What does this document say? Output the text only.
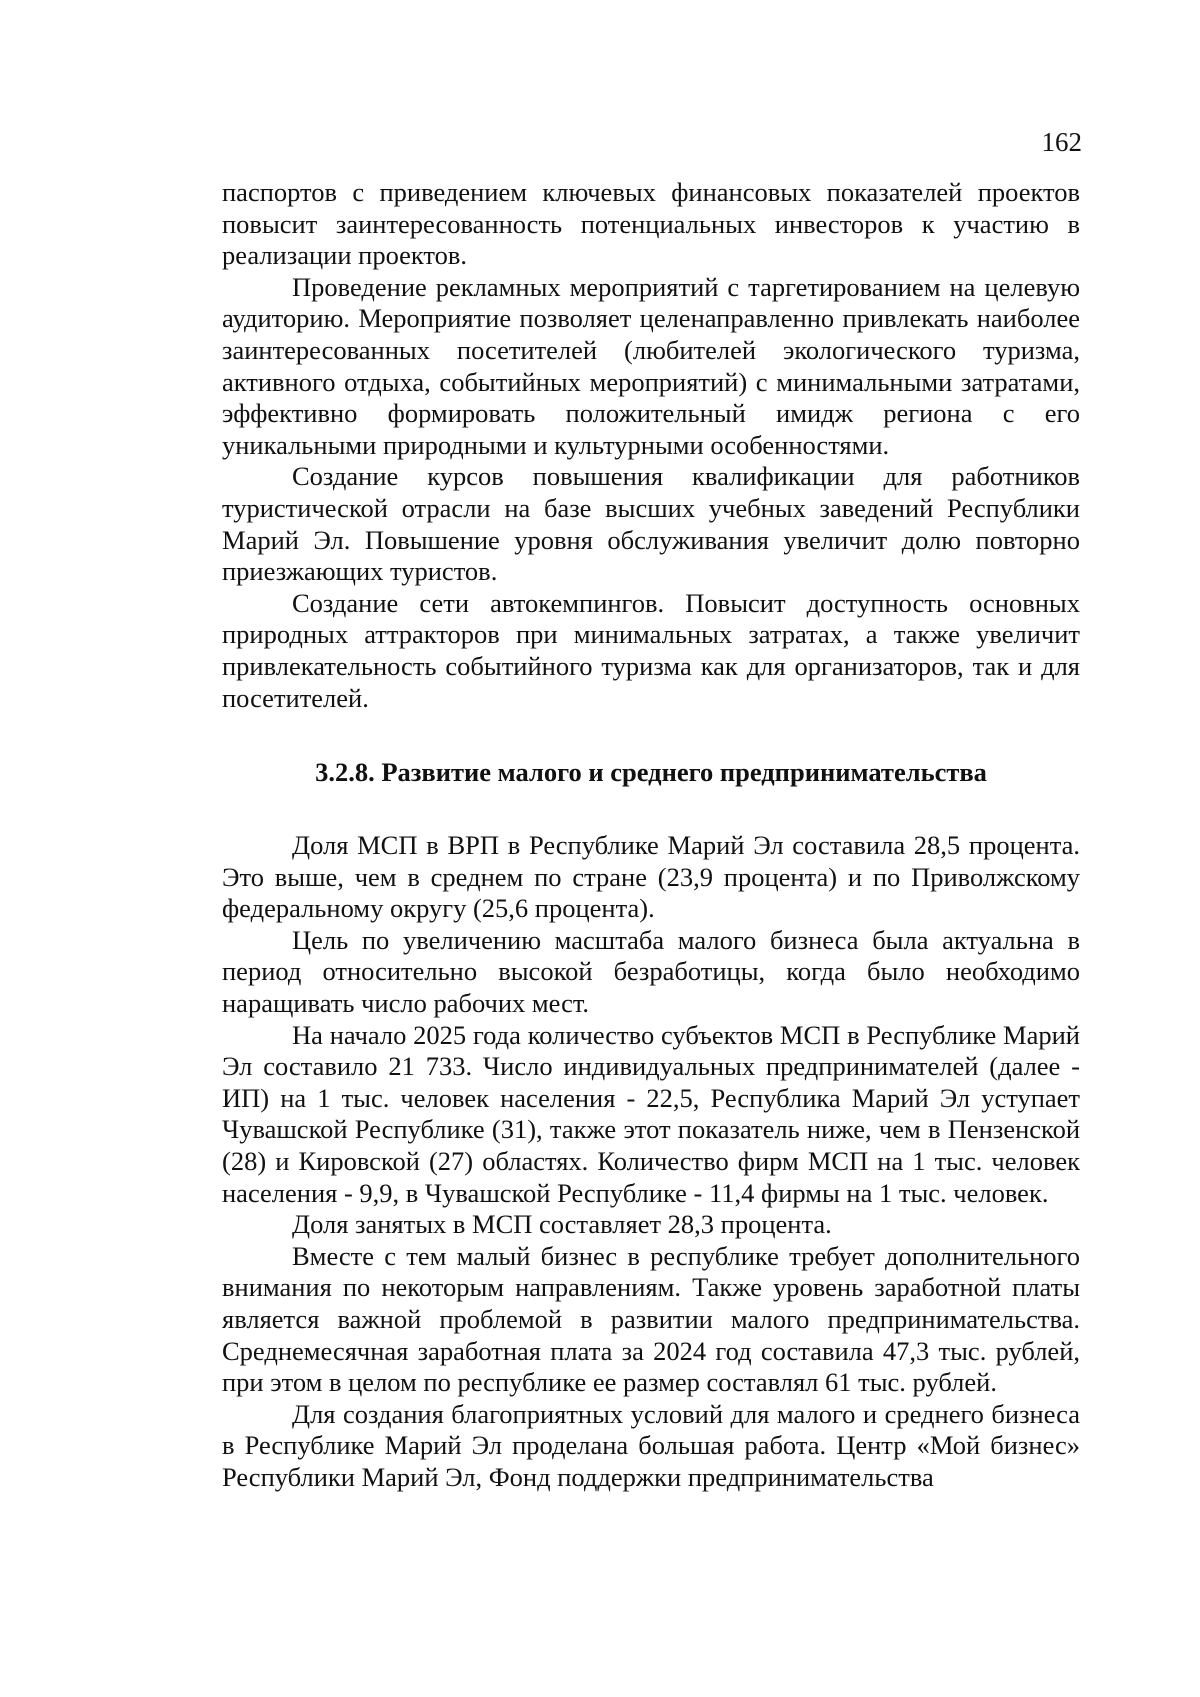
162

паспортов с приведением ключевых финансовых показателей проектов повысит заинтересованность потенциальных инвесторов к участию в реализации проектов.

Проведение рекламных мероприятий с таргетированием на целевую аудиторию. Мероприятие позволяет целенаправленно привлекать наиболее заинтересованных посетителей (любителей экологического туризма, активного отдыха, событийных мероприятий) с минимальными затратами, эффективно формировать положительный имидж региона с его уникальными природными и культурными особенностями.

Создание курсов повышения квалификации для работников туристической отрасли на базе высших учебных заведений Республики Марий Эл. Повышение уровня обслуживания увеличит долю повторно приезжающих туристов.

Создание сети автокемпингов. Повысит доступность основных природных аттракторов при минимальных затратах, а также увеличит привлекательность событийного туризма как для организаторов, так и для посетителей.

3.2.8. Развитие малого и среднего предпринимательства

Доля МСП в ВРП в Республике Марий Эл составила 28,5 процента. Это выше, чем в среднем по стране (23,9 процента) и по Приволжскому федеральному округу (25,6 процента).

Цель по увеличению масштаба малого бизнеса была актуальна в период относительно высокой безработицы, когда было необходимо наращивать число рабочих мест.

На начало 2025 года количество субъектов МСП в Республике Марий Эл составило 21 733. Число индивидуальных предпринимателей (далее - ИП) на 1 тыс. человек населения - 22,5, Республика Марий Эл уступает Чувашской Республике (31), также этот показатель ниже, чем в Пензенской (28) и Кировской (27) областях. Количество фирм МСП на 1 тыс. человек населения - 9,9, в Чувашской Республике - 11,4 фирмы на 1 тыс. человек.

Доля занятых в МСП составляет 28,3 процента.

Вместе с тем малый бизнес в республике требует дополнительного внимания по некоторым направлениям. Также уровень заработной платы является важной проблемой в развитии малого предпринимательства. Среднемесячная заработная плата за 2024 год составила 47,3 тыс. рублей, при этом в целом по республике ее размер составлял 61 тыс. рублей.

Для создания благоприятных условий для малого и среднего бизнеса в Республике Марий Эл проделана большая работа. Центр «Мой бизнес» Республики Марий Эл, Фонд поддержки предпринимательства
